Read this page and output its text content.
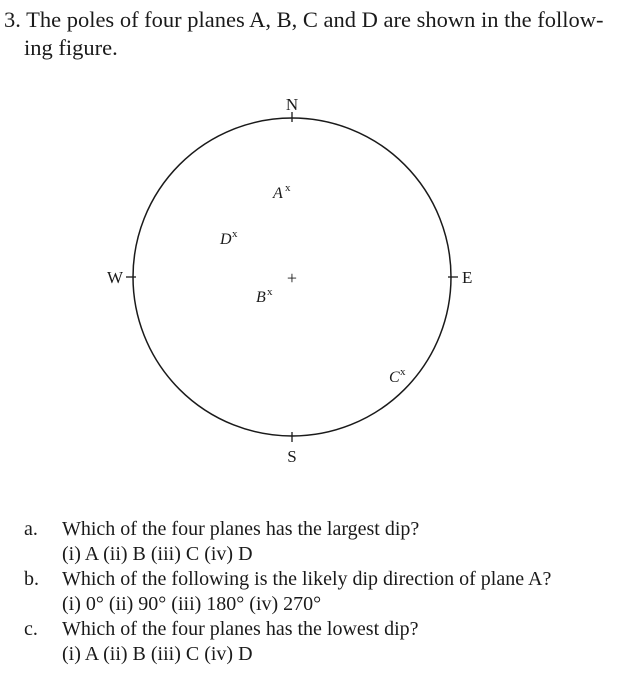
3. The poles of four planes A, B, C and D are shown in the follow-
ing figure.
N
S
E
W	+
A x
D x
B x
C x
a.	Which of the four planes has the largest dip?
(i) A (ii) B (iii) C (iv) D
b.	Which of the following is the likely dip direction of plane A?
(i) 0° (ii) 90° (iii) 180° (iv) 270°
c.	Which of the four planes has the lowest dip?
(i) A (ii) B (iii) C (iv) D
